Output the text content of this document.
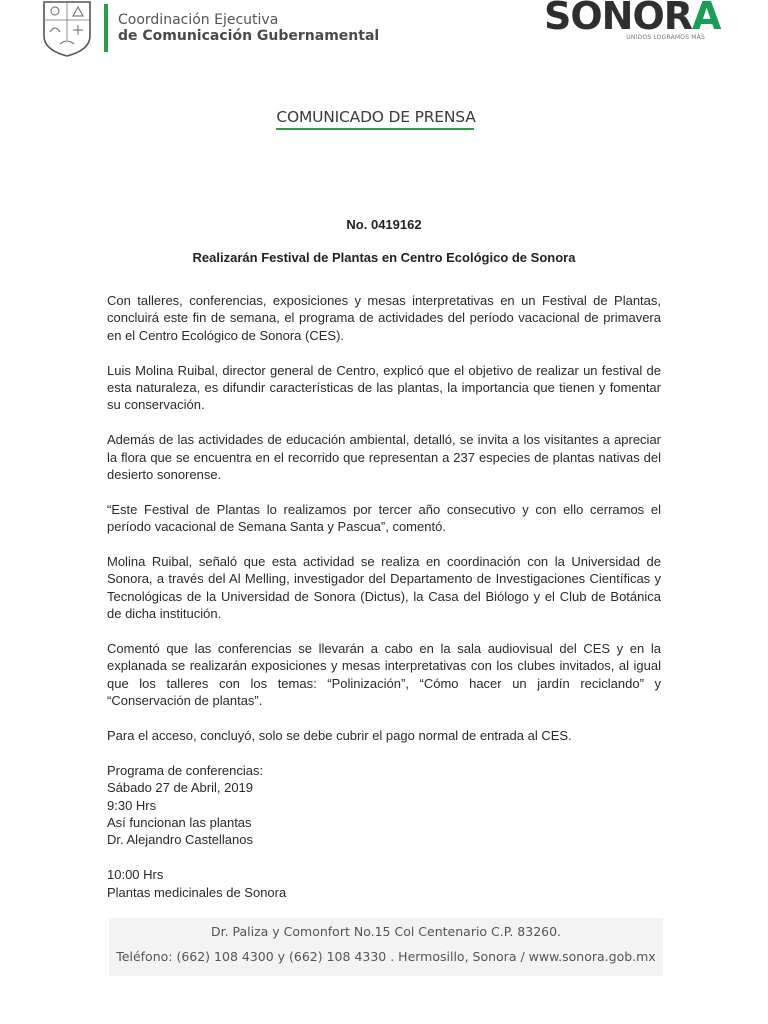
Coordinación Ejecutiva
de Comunicación Gubernamental	SONORA
UNIDOS LOGRAMOS MÁS
COMUNICADO DE PRENSA
No. 0419162
Realizarán Festival de Plantas en Centro Ecológico de Sonora

Con talleres, conferencias, exposiciones y mesas interpretativas en un Festival de Plantas, concluirá este fin de semana, el programa de actividades del período vacacional de primavera en el Centro Ecológico de Sonora (CES).

Luis Molina Ruibal, director general de Centro, explicó que el objetivo de realizar un festival de esta naturaleza, es difundir características de las plantas, la importancia que tienen y fomentar su conservación.

Además de las actividades de educación ambiental, detalló, se invita a los visitantes a apreciar la flora que se encuentra en el recorrido que representan a 237 especies de plantas nativas del desierto sonorense.

“Este Festival de Plantas lo realizamos por tercer año consecutivo y con ello cerramos el período vacacional de Semana Santa y Pascua”, comentó.

Molina Ruibal, señaló que esta actividad se realiza en coordinación con la Universidad de Sonora, a través del Al Melling, investigador del Departamento de Investigaciones Científicas y Tecnológicas de la Universidad de Sonora (Dictus), la Casa del Biólogo y el Club de Botánica de dicha institución.

Comentó que las conferencias se llevarán a cabo en la sala audiovisual del CES y en la explanada se realizarán exposiciones y mesas interpretativas con los clubes invitados, al igual que los talleres con los temas: “Polinización”, “Cómo hacer un jardín reciclando” y “Conservación de plantas”.

Para el acceso, concluyó, solo se debe cubrir el pago normal de entrada al CES.

Programa de conferencias:
Sábado 27 de Abril, 2019
9:30 Hrs
Así funcionan las plantas
Dr. Alejandro Castellanos
10:00 Hrs
Plantas medicinales de Sonora
Dr. Paliza y Comonfort No.15 Col Centenario C.P. 83260.
Teléfono: (662) 108 4300 y (662) 108 4330 . Hermosillo, Sonora / www.sonora.gob.mx
